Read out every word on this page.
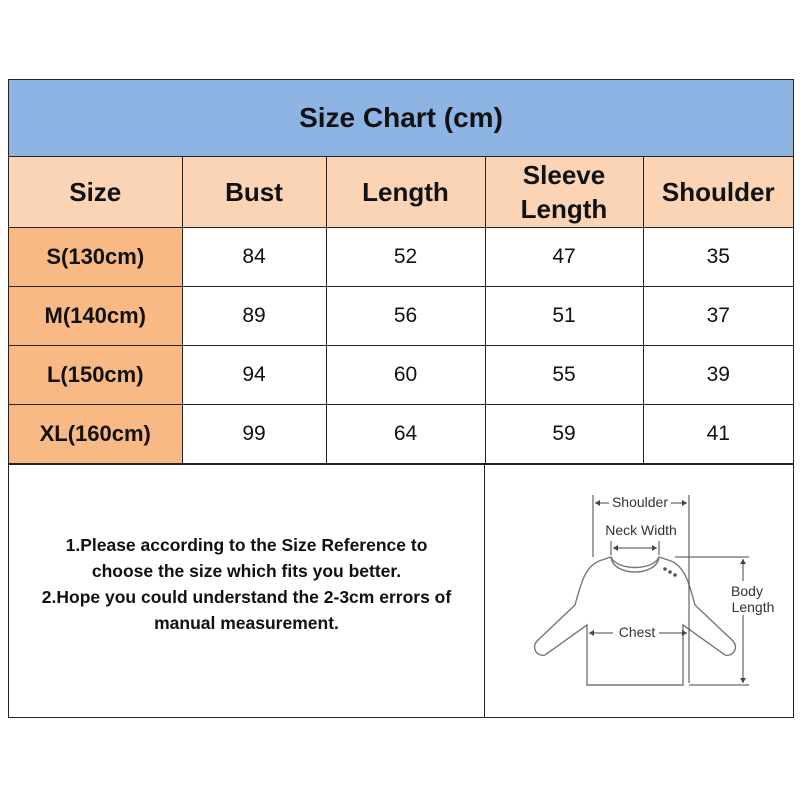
Size Chart (cm)
Size	Bust	Length	Sleeve Length	Shoulder
S(130cm)	84	52	47	35
M(140cm)	89	56	51	37
L(150cm)	94	60	55	39
XL(160cm)	99	64	59	41
1.Please according to the Size Reference to
choose the size which fits you better.
2.Hope you could understand the 2-3cm errors of
manual measurement.
Shoulder
Neck Width
Chest
Body
Length
